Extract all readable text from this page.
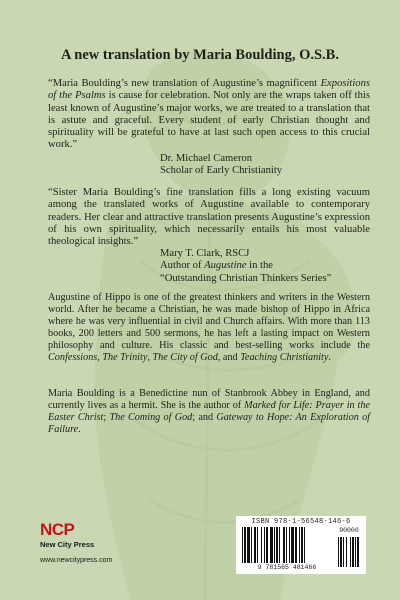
A new translation by Maria Boulding, O.S.B.

“Maria Boulding’s new translation of Augustine’s magnificent Expositions of the Psalms is cause for celebration. Not only are the wraps taken off this least known of Augustine’s major works, we are treated to a translation that is astute and graceful. Every student of early Christian thought and spirituality will be grateful to have at last such open access to this crucial work.”

Dr. Michael Cameron
Scholar of Early Christianity

“Sister Maria Boulding’s fine translation fills a long existing vacuum among the translated works of Augustine available to contemporary readers. Her clear and attractive translation presents Augustine’s expression of his own spirituality, which necessarily entails his most valuable theological insights.”

Mary T. Clark, RSCJ
Author of Augustine in the
“Outstanding Christian Thinkers Series”

Augustine of Hippo is one of the greatest thinkers and writers in the Western world. After he became a Christian, he was made bishop of Hippo in Africa where he was very influential in civil and Church affairs. With more than 113 books, 200 letters and 500 sermons, he has left a lasting impact on Western philosophy and culture. His classic and best-selling works include the Confessions, The Trinity, The City of God, and Teaching Christianity.

Maria Boulding is a Benedictine nun of Stanbrook Abbey in England, and currently lives as a hermit. She is the author of Marked for Life: Prayer in the Easter Christ; The Coming of God; and Gateway to Hope: An Exploration of Failure.

NCP
New City Press
www.newcitypress.com
ISBN 978-1-56548-146-6
9 781565 481466
90000
